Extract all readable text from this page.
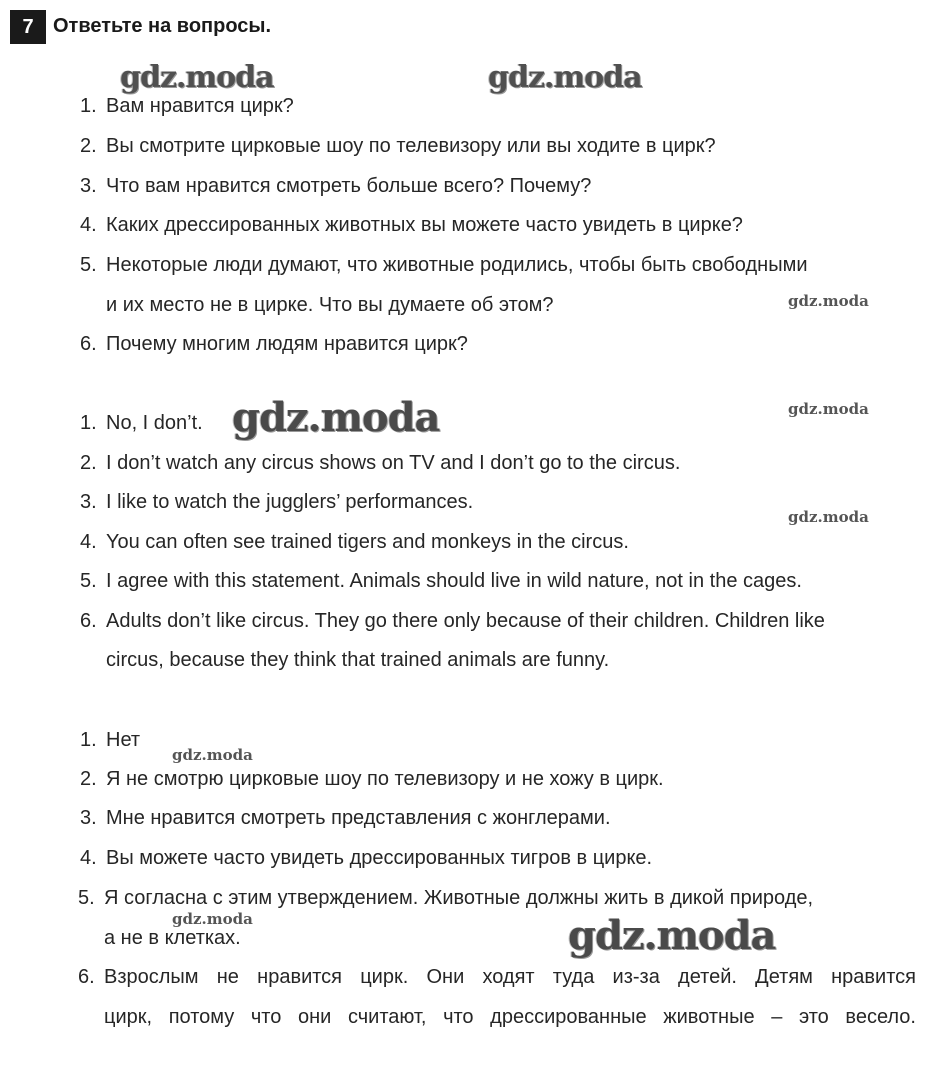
7 Ответьте на вопросы.
1. Вам нравится цирк?
2. Вы смотрите цирковые шоу по телевизору или вы ходите в цирк?
3. Что вам нравится смотреть больше всего? Почему?
4. Каких дрессированных животных вы можете часто увидеть в цирке?
5. Некоторые люди думают, что животные родились, чтобы быть свободными
и их место не в цирке. Что вы думаете об этом?
6. Почему многим людям нравится цирк?
1. No, I don’t.
2. I don’t watch any circus shows on TV and I don’t go to the circus.
3. I like to watch the jugglers’ performances.
4. You can often see trained tigers and monkeys in the circus.
5. I agree with this statement. Animals should live in wild nature, not in the cages.
6. Adults don’t like circus. They go there only because of their children. Children like
circus, because they think that trained animals are funny.
1. Нет
2. Я не смотрю цирковые шоу по телевизору и не хожу в цирк.
3. Мне нравится смотреть представления с жонглерами.
4. Вы можете часто увидеть дрессированных тигров в цирке.
5. Я согласна с этим утверждением. Животные должны жить в дикой природе,
а не в клетках.
6. Взрослым не нравится цирк. Они ходят туда из-за детей. Детям нравится
цирк, потому что они считают, что дрессированные животные – это весело.
gdz.moda	gdz.moda
gdz.moda
gdz.moda	gdz.moda
gdz.moda
gdz.moda
gdz.moda	gdz.moda
